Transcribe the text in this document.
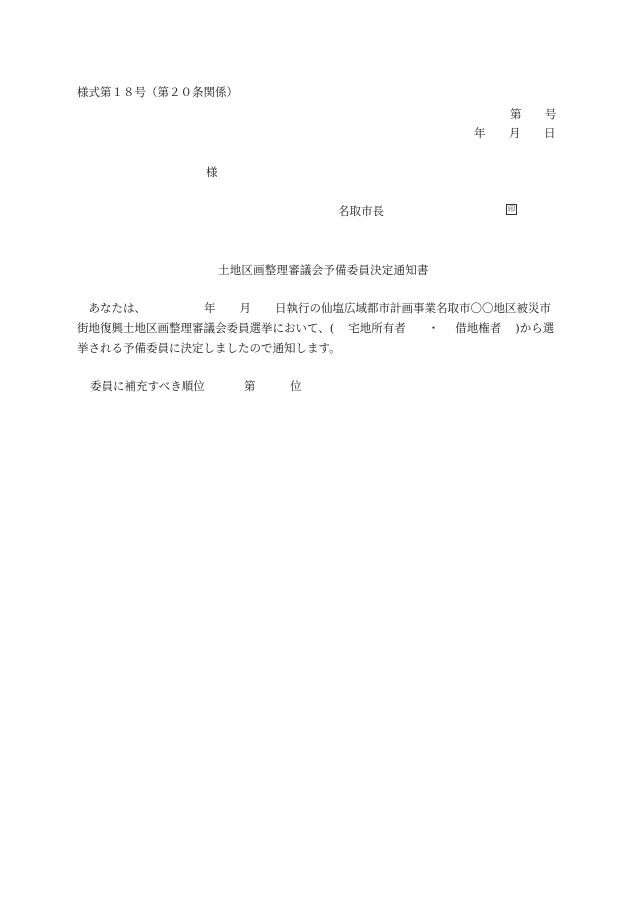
様式第１８号（第２０条関係）
第 号
年 月 日
様
名取市長	印
土地区画整理審議会予備委員決定通知書
　あなたは、	年 月 日執行の仙塩広域都市計画事業名取市〇〇地区被災市
街地復興土地区画整理審議会委員選挙において、( 宅地所有者 ・ 借地権者 )から選
挙される予備委員に決定しましたので通知します。
委員に補充すべき順位	第	位
